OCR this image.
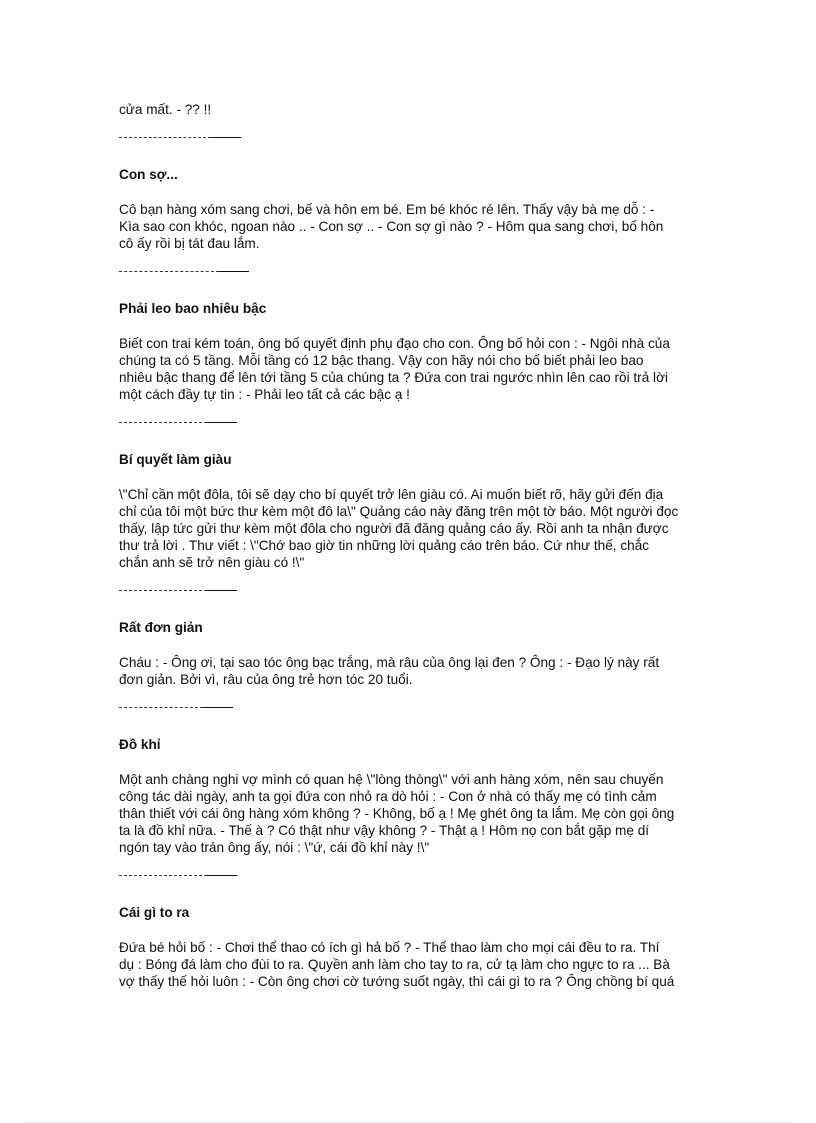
cửa mất. - ?? !!

Con sợ...

Cô bạn hàng xóm sang chơi, bế và hôn em bé. Em bé khóc ré lên. Thấy vậy bà mẹ dỗ : -
Kìa sao con khóc, ngoan nào .. - Con sợ .. - Con sợ gì nào ? - Hôm qua sang chơi, bố hôn
cô ấy rồi bị tát đau lắm.

Phải leo bao nhiêu bậc

Biết con trai kém toán, ông bố quyết định phụ đạo cho con. Ông bố hỏi con : - Ngôi nhà của
chúng ta có 5 tầng. Mỗi tầng có 12 bậc thang. Vậy con hãy nói cho bố biết phải leo bao
nhiêu bậc thang để lên tới tầng 5 của chúng ta ? Đứa con trai ngước nhìn lên cao rồi trả lời
một cách đầy tự tin : - Phải leo tất cả các bậc ạ !

Bí quyết làm giàu

\"Chỉ cần một đôla, tôi sẽ dạy cho bí quyết trở lên giàu có. Ai muốn biết rõ, hãy gửi đến địa
chỉ của tôi một bức thư kèm một đô la\" Quảng cáo này đăng trên một tờ báo. Một người đọc
thấy, lập tức gửi thư kèm một đôla cho người đã đăng quảng cáo ấy. Rồi anh ta nhận được
thư trả lời . Thư viết : \"Chớ bao giờ tin những lời quảng cáo trên báo. Cứ như thế, chắc
chắn anh sẽ trở nên giàu có !\"

Rất đơn giản

Cháu : - Ông ơi, tại sao tóc ông bạc trắng, mà râu của ông lại đen ? Ông : - Đạo lý này rất
đơn giản. Bởi vì, râu của ông trẻ hơn tóc 20 tuổi.

Đồ khỉ

Một anh chàng nghi vợ mình có quan hệ \"lòng thòng\" với anh hàng xóm, nên sau chuyến
công tác dài ngày, anh ta gọi đứa con nhỏ ra dò hỏi : - Con ở nhà có thấy mẹ có tình cảm
thân thiết với cái ông hàng xóm không ? - Không, bố ạ ! Mẹ ghét ông ta lắm. Mẹ còn gọi ông
ta là đồ khỉ nữa. - Thế à ? Có thật như vậy không ? - Thật ạ ! Hôm nọ con bắt gặp mẹ dí
ngón tay vào trán ông ấy, nói : \"ứ, cái đồ khỉ này !\"

Cái gì to ra

Đứa bé hỏi bố : - Chơi thể thao có ích gì hả bố ? - Thể thao làm cho mọi cái đều to ra. Thí
dụ : Bóng đá làm cho đùi to ra. Quyền anh làm cho tay to ra, cử tạ làm cho ngực to ra ... Bà
vợ thấy thế hỏi luôn : - Còn ông chơi cờ tướng suốt ngày, thì cái gì to ra ? Ông chồng bí quá
